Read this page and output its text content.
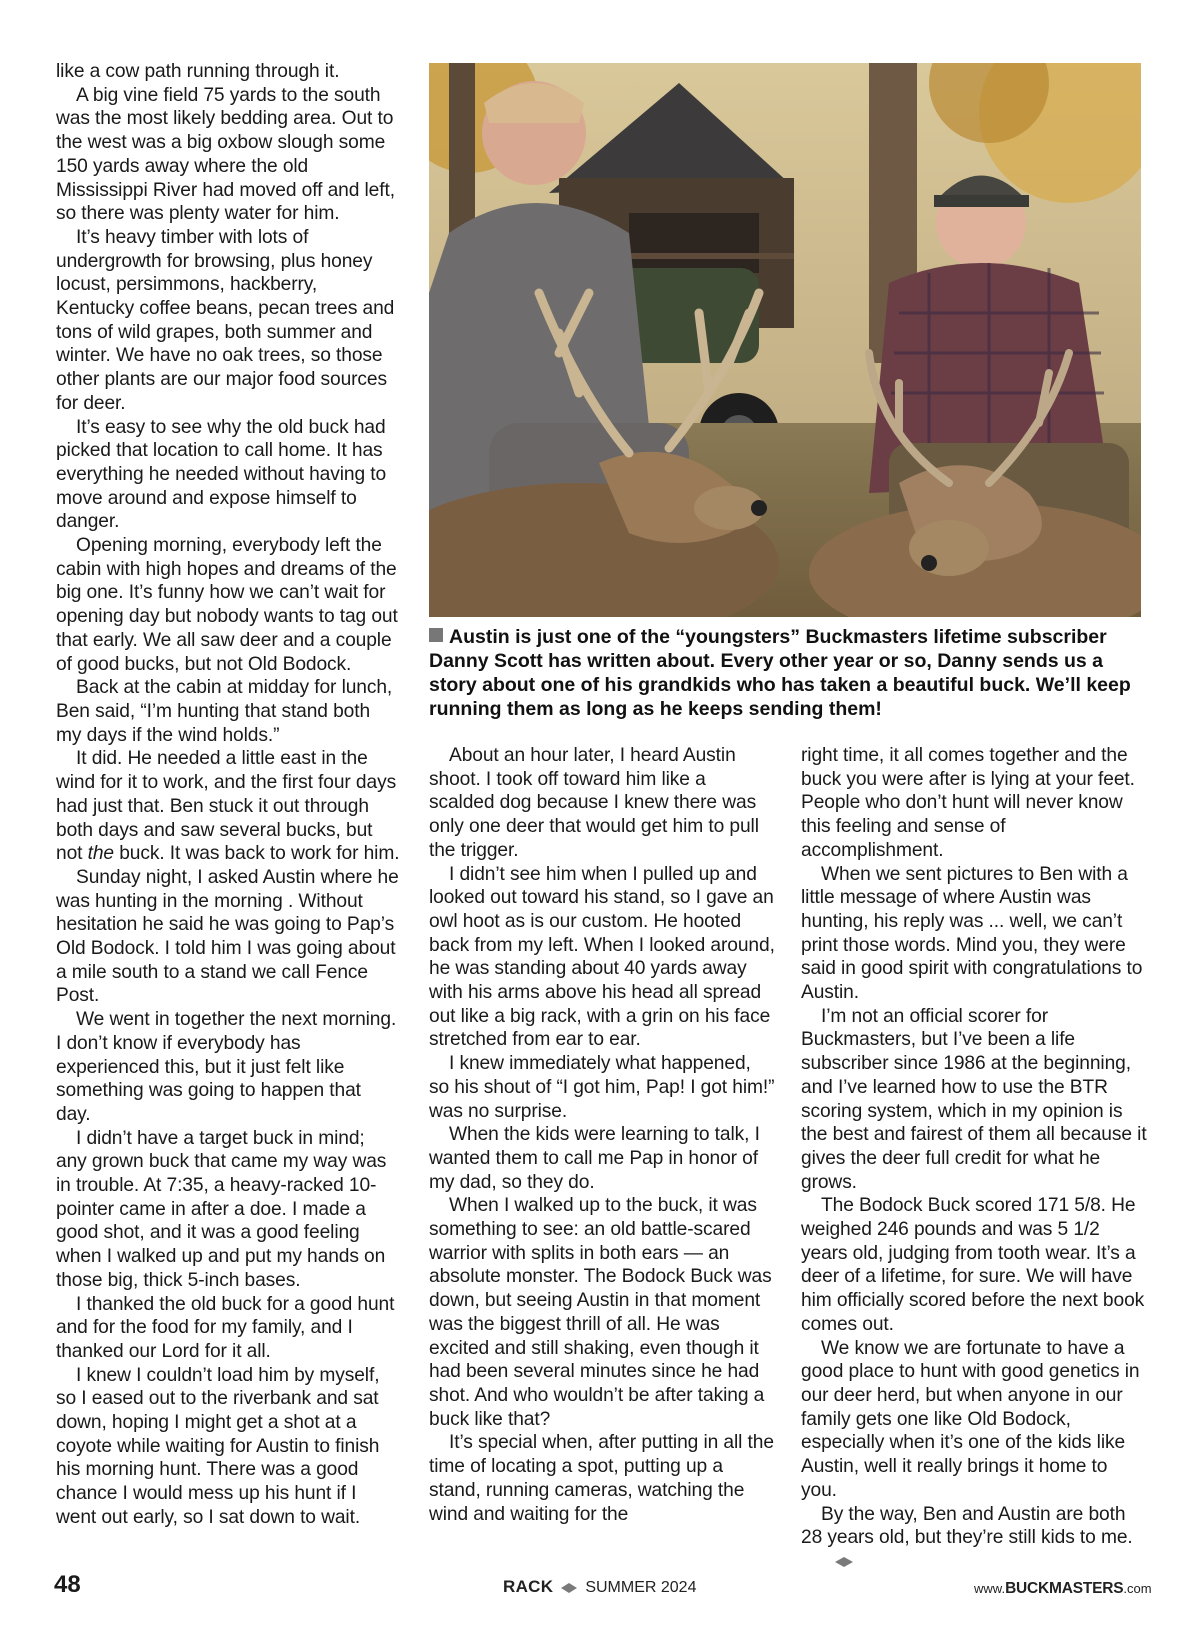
like a cow path running through it.

A big vine field 75 yards to the south was the most likely bedding area. Out to the west was a big oxbow slough some 150 yards away where the old Mississippi River had moved off and left, so there was plenty water for him.

It’s heavy timber with lots of undergrowth for browsing, plus honey locust, persimmons, hackberry, Kentucky coffee beans, pecan trees and tons of wild grapes, both summer and winter. We have no oak trees, so those other plants are our major food sources for deer.

It’s easy to see why the old buck had picked that location to call home. It has everything he needed without having to move around and expose himself to danger.

Opening morning, everybody left the cabin with high hopes and dreams of the big one. It’s funny how we can’t wait for opening day but nobody wants to tag out that early. We all saw deer and a couple of good bucks, but not Old Bodock.

Back at the cabin at midday for lunch, Ben said, “I’m hunting that stand both my days if the wind holds.”

It did. He needed a little east in the wind for it to work, and the first four days had just that. Ben stuck it out through both days and saw several bucks, but not the buck. It was back to work for him.

Sunday night, I asked Austin where he was hunting in the morning . Without hesitation he said he was going to Pap’s Old Bodock. I told him I was going about a mile south to a stand we call Fence Post.

We went in together the next morning. I don’t know if everybody has experienced this, but it just felt like something was going to happen that day.

I didn’t have a target buck in mind; any grown buck that came my way was in trouble. At 7:35, a heavy-racked 10-pointer came in after a doe. I made a good shot, and it was a good feeling when I walked up and put my hands on those big, thick 5-inch bases.

I thanked the old buck for a good hunt and for the food for my family, and I thanked our Lord for it all.

I knew I couldn’t load him by myself, so I eased out to the riverbank and sat down, hoping I might get a shot at a coyote while waiting for Austin to finish his morning hunt. There was a good chance I would mess up his hunt if I went out early, so I sat down to wait.

Austin is just one of the “youngsters” Buckmasters lifetime subscriber Danny Scott has written about. Every other year or so, Danny sends us a story about one of his grandkids who has taken a beautiful buck. We’ll keep running them as long as he keeps sending them!

About an hour later, I heard Austin shoot. I took off toward him like a scalded dog because I knew there was only one deer that would get him to pull the trigger.

I didn’t see him when I pulled up and looked out toward his stand, so I gave an owl hoot as is our custom. He hooted back from my left. When I looked around, he was standing about 40 yards away with his arms above his head all spread out like a big rack, with a grin on his face stretched from ear to ear.

I knew immediately what happened, so his shout of “I got him, Pap! I got him!” was no surprise.

When the kids were learning to talk, I wanted them to call me Pap in honor of my dad, so they do.

When I walked up to the buck, it was something to see: an old battle-scared warrior with splits in both ears — an absolute monster. The Bodock Buck was down, but seeing Austin in that moment was the biggest thrill of all. He was excited and still shaking, even though it had been several minutes since he had shot. And who wouldn’t be after taking a buck like that?

It’s special when, after putting in all the time of locating a spot, putting up a stand, running cameras, watching the wind and waiting for the

right time, it all comes together and the buck you were after is lying at your feet. People who don’t hunt will never know this feeling and sense of accomplishment.

When we sent pictures to Ben with a little message of where Austin was hunting, his reply was ... well, we can’t print those words. Mind you, they were said in good spirit with congratulations to Austin.

I’m not an official scorer for Buckmasters, but I’ve been a life subscriber since 1986 at the beginning, and I’ve learned how to use the BTR scoring system, which in my opinion is the best and fairest of them all because it gives the deer full credit for what he grows.

The Bodock Buck scored 171 5/8. He weighed 246 pounds and was 5 1/2 years old, judging from tooth wear. It’s a deer of a lifetime, for sure. We will have him officially scored before the next book comes out.

We know we are fortunate to have a good place to hunt with good genetics in our deer herd, but when anyone in our family gets one like Old Bodock, especially when it’s one of the kids like Austin, well it really brings it home to you.

By the way, Ben and Austin are both 28 years old, but they’re still kids to me.

48	RACK SUMMER 2024	www.BUCKMASTERS.com
